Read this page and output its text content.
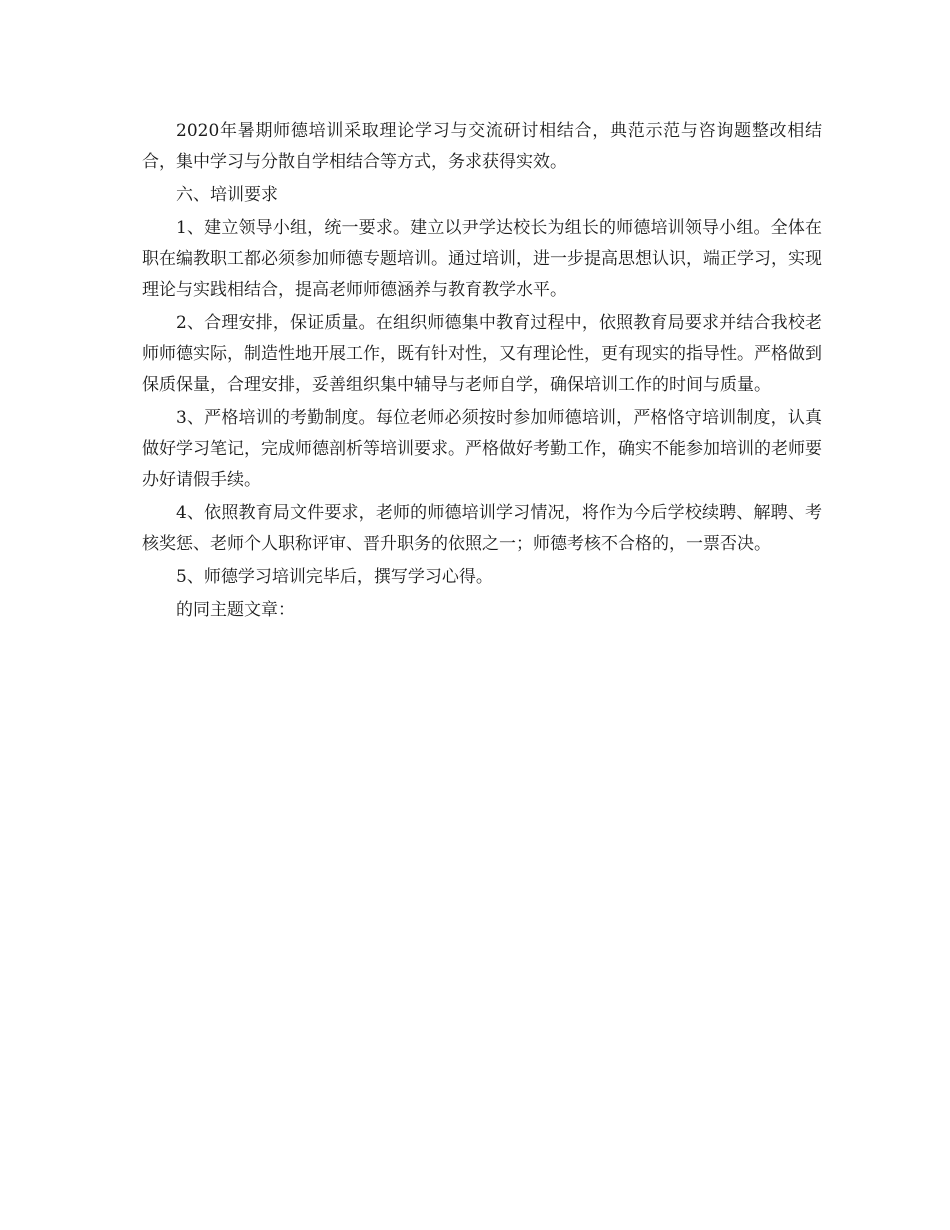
2020年暑期师德培训采取理论学习与交流研讨相结合，典范示范与咨询题整改相结合，集中学习与分散自学相结合等方式，务求获得实效。

六、培训要求

1、建立领导小组，统一要求。建立以尹学达校长为组长的师德培训领导小组。全体在职在编教职工都必须参加师德专题培训。通过培训，进一步提高思想认识，端正学习，实现理论与实践相结合，提高老师师德涵养与教育教学水平。

2、合理安排，保证质量。在组织师德集中教育过程中，依照教育局要求并结合我校老师师德实际，制造性地开展工作，既有针对性，又有理论性，更有现实的指导性。严格做到保质保量，合理安排，妥善组织集中辅导与老师自学，确保培训工作的时间与质量。

3、严格培训的考勤制度。每位老师必须按时参加师德培训，严格恪守培训制度，认真做好学习笔记，完成师德剖析等培训要求。严格做好考勤工作，确实不能参加培训的老师要办好请假手续。

4、依照教育局文件要求，老师的师德培训学习情况，将作为今后学校续聘、解聘、考核奖惩、老师个人职称评审、晋升职务的依照之一；师德考核不合格的，一票否决。

5、师德学习培训完毕后，撰写学习心得。

的同主题文章：
